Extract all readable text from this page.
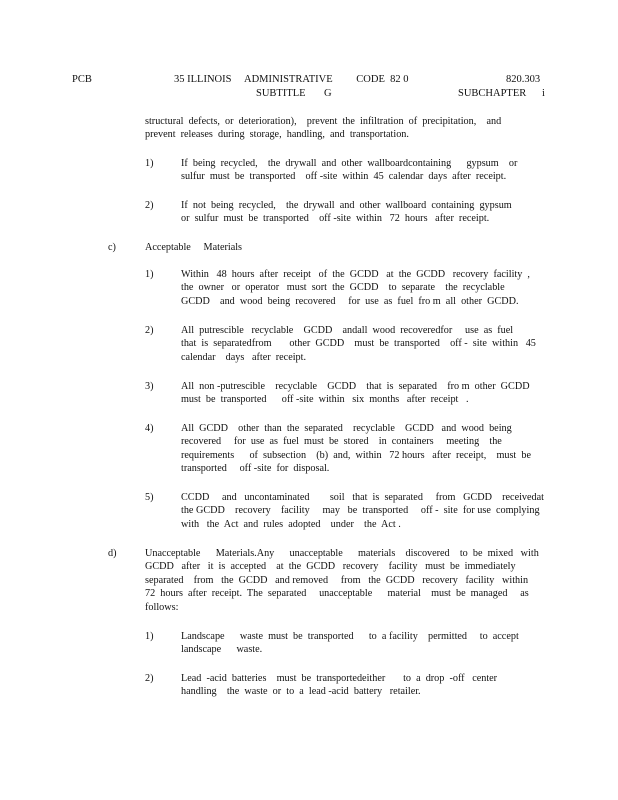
PCB	35 ILLINOIS     ADMINISTRATIVE         CODE  82 0	820.303
SUBTITLE       G	SUBCHAPTER      i
structural  defects,  or  deterioration),    prevent  the  infiltration  of  precipitation,    and
prevent  releases  during  storage,  handling,  and  transportation.
1)	If  being  recycled,    the  drywall  and  other  wallboardcontaining      gypsum    or
sulfur  must  be  transported    off -site  within  45  calendar  days  after  receipt.
2)	If  not  being  recycled,    the  drywall  and  other  wallboard  containing  gypsum
or  sulfur  must  be  transported    off -site  within   72  hours   after  receipt.
c)	Acceptable     Materials
1)	Within   48  hours  after  receipt   of  the  GCDD   at  the  GCDD   recovery  facility  ,
the  owner   or  operator   must  sort  the  GCDD    to  separate    the  recyclable
GCDD    and  wood  being  recovered     for  use  as  fuel  fro m  all  other  GCDD.
2)	All  putrescible   recyclable    GCDD    andall  wood  recoveredfor     use  as  fuel
that  is  separatedfrom       other  GCDD    must  be  transported    off -  site  within   45
calendar    days   after  receipt.
3)	All  non -putrescible    recyclable    GCDD    that  is  separated    fro m  other  GCDD
must  be  transported      off -site  within   six  months   after  receipt   .
4)	All  GCDD    other  than  the  separated    recyclable    GCDD   and  wood  being
recovered     for  use  as  fuel  must  be  stored    in  containers     meeting    the
requirements      of  subsection    (b)  and,  within   72 hours   after  receipt,    must  be
transported     off -site  for  disposal.
5)	CCDD     and   uncontaminated        soil   that  is  separated     from   GCDD    receivedat
the GCDD    recovery    facility     may   be  transported     off -  site  for use  complying
with   the  Act  and  rules  adopted    under    the  Act .
d)	Unacceptable      Materials.Any      unacceptable      materials    discovered    to  be  mixed   with
GCDD   after   it  is  accepted    at  the  GCDD   recovery    facility   must  be  immediately
separated    from   the  GCDD   and removed     from   the  GCDD   recovery   facility   within
72  hours  after  receipt.  The  separated     unacceptable      material    must  be  managed     as
follows:
1)	Landscape      waste  must  be  transported      to  a facility    permitted     to  accept
landscape      waste.
2)	Lead  -acid  batteries    must  be  transportedeither       to  a  drop  -off   center
handling    the  waste  or  to  a  lead -acid  battery   retailer.
